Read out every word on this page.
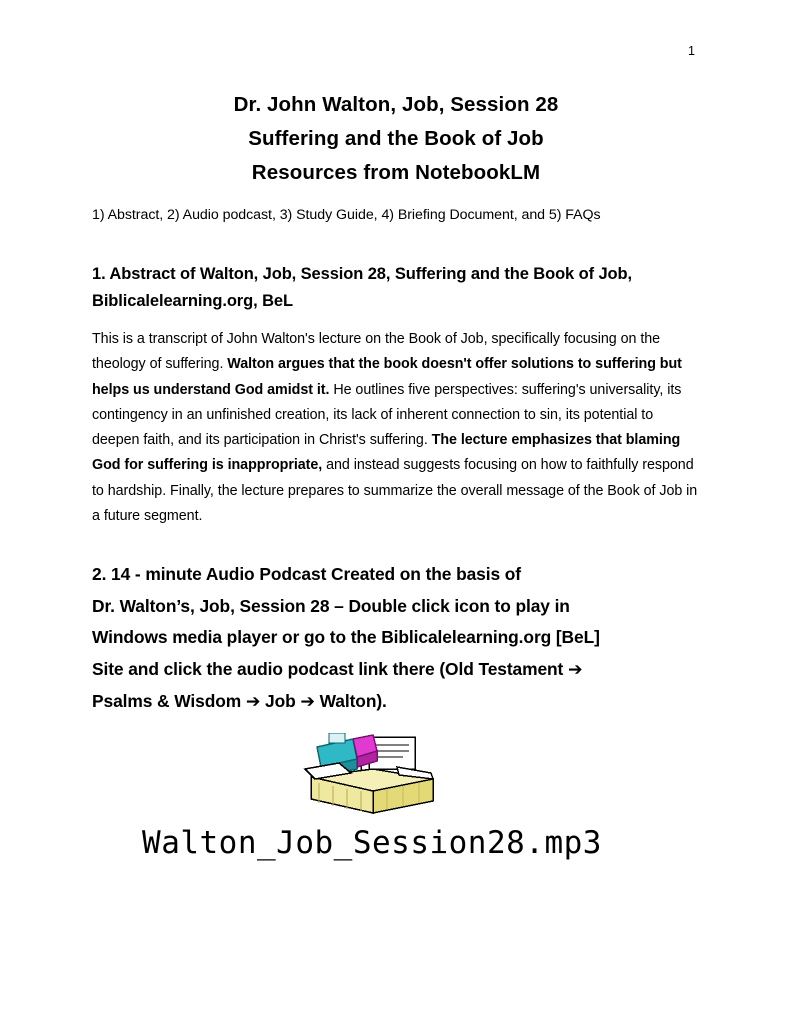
1
Dr. John Walton, Job, Session 28
Suffering and the Book of Job
Resources from NotebookLM
1) Abstract, 2) Audio podcast, 3) Study Guide, 4) Briefing Document, and 5) FAQs
1. Abstract of Walton, Job, Session 28, Suffering and the Book of Job,
Biblicalelearning.org, BeL
This is a transcript of John Walton's lecture on the Book of Job, specifically focusing on the theology of suffering. Walton argues that the book doesn't offer solutions to suffering but helps us understand God amidst it. He outlines five perspectives: suffering's universality, its contingency in an unfinished creation, its lack of inherent connection to sin, its potential to deepen faith, and its participation in Christ's suffering. The lecture emphasizes that blaming God for suffering is inappropriate, and instead suggests focusing on how to faithfully respond to hardship. Finally, the lecture prepares to summarize the overall message of the Book of Job in a future segment.
2. 14 - minute Audio Podcast Created on the basis of
Dr. Walton’s, Job, Session 28 – Double click icon to play in
Windows media player or go to the Biblicalelearning.org [BeL]
Site and click the audio podcast link there (Old Testament ➔
Psalms & Wisdom ➔ Job ➔ Walton).
Walton_Job_Session28.mp3
